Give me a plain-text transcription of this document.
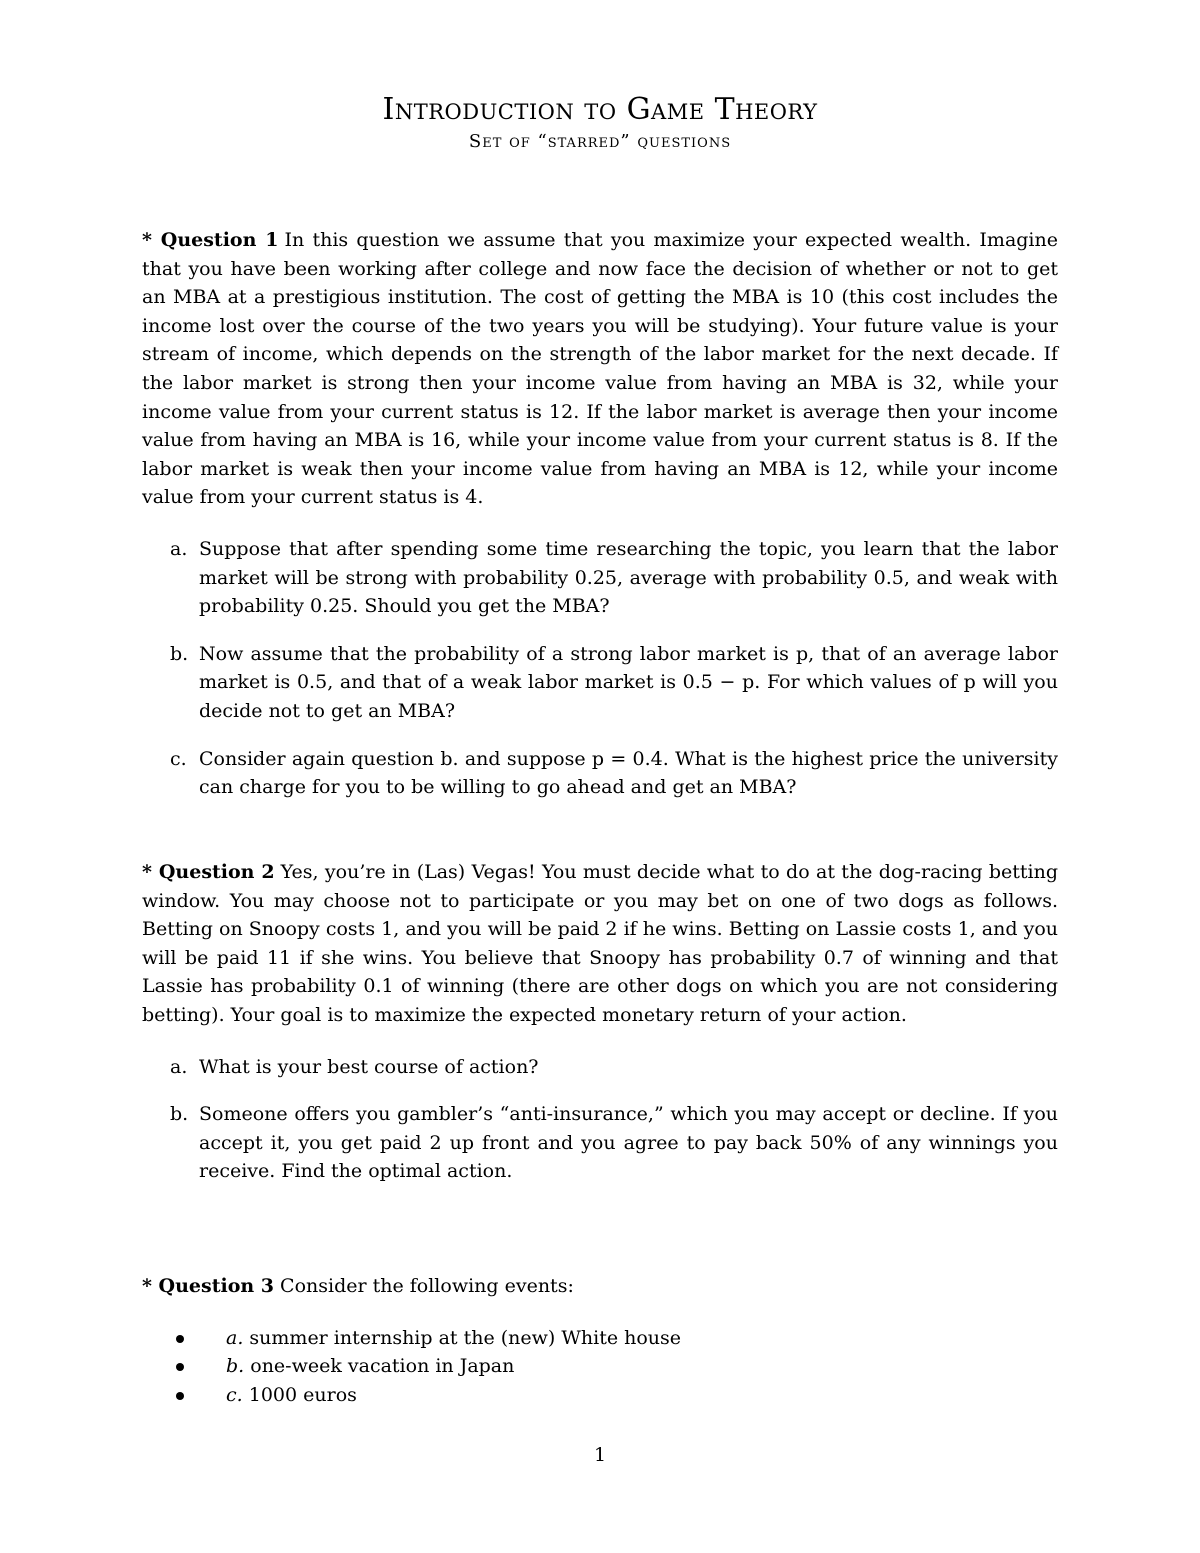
Introduction to Game Theory
Set of “starred” questions

* Question 1 In this question we assume that you maximize your expected wealth. Imagine that you have been working after college and now face the decision of whether or not to get an MBA at a prestigious institution. The cost of getting the MBA is 10 (this cost includes the income lost over the course of the two years you will be studying). Your future value is your stream of income, which depends on the strength of the labor market for the next decade. If the labor market is strong then your income value from having an MBA is 32, while your income value from your current status is 12. If the labor market is average then your income value from having an MBA is 16, while your income value from your current status is 8. If the labor market is weak then your income value from having an MBA is 12, while your income value from your current status is 4.

a. Suppose that after spending some time researching the topic, you learn that the labor market will be strong with probability 0.25, average with probability 0.5, and weak with probability 0.25. Should you get the MBA?
b. Now assume that the probability of a strong labor market is p, that of an average labor market is 0.5, and that of a weak labor market is 0.5 − p. For which values of p will you decide not to get an MBA?
c. Consider again question b. and suppose p = 0.4. What is the highest price the university can charge for you to be willing to go ahead and get an MBA?

* Question 2 Yes, you’re in (Las) Vegas! You must decide what to do at the dog-racing betting window. You may choose not to participate or you may bet on one of two dogs as follows. Betting on Snoopy costs 1, and you will be paid 2 if he wins. Betting on Lassie costs 1, and you will be paid 11 if she wins. You believe that Snoopy has probability 0.7 of winning and that Lassie has probability 0.1 of winning (there are other dogs on which you are not considering betting). Your goal is to maximize the expected monetary return of your action.

a. What is your best course of action?
b. Someone offers you gambler’s “anti-insurance,” which you may accept or decline. If you accept it, you get paid 2 up front and you agree to pay back 50% of any winnings you receive. Find the optimal action.

* Question 3 Consider the following events:

a. summer internship at the (new) White house
b. one-week vacation in Japan
c. 1000 euros
1
